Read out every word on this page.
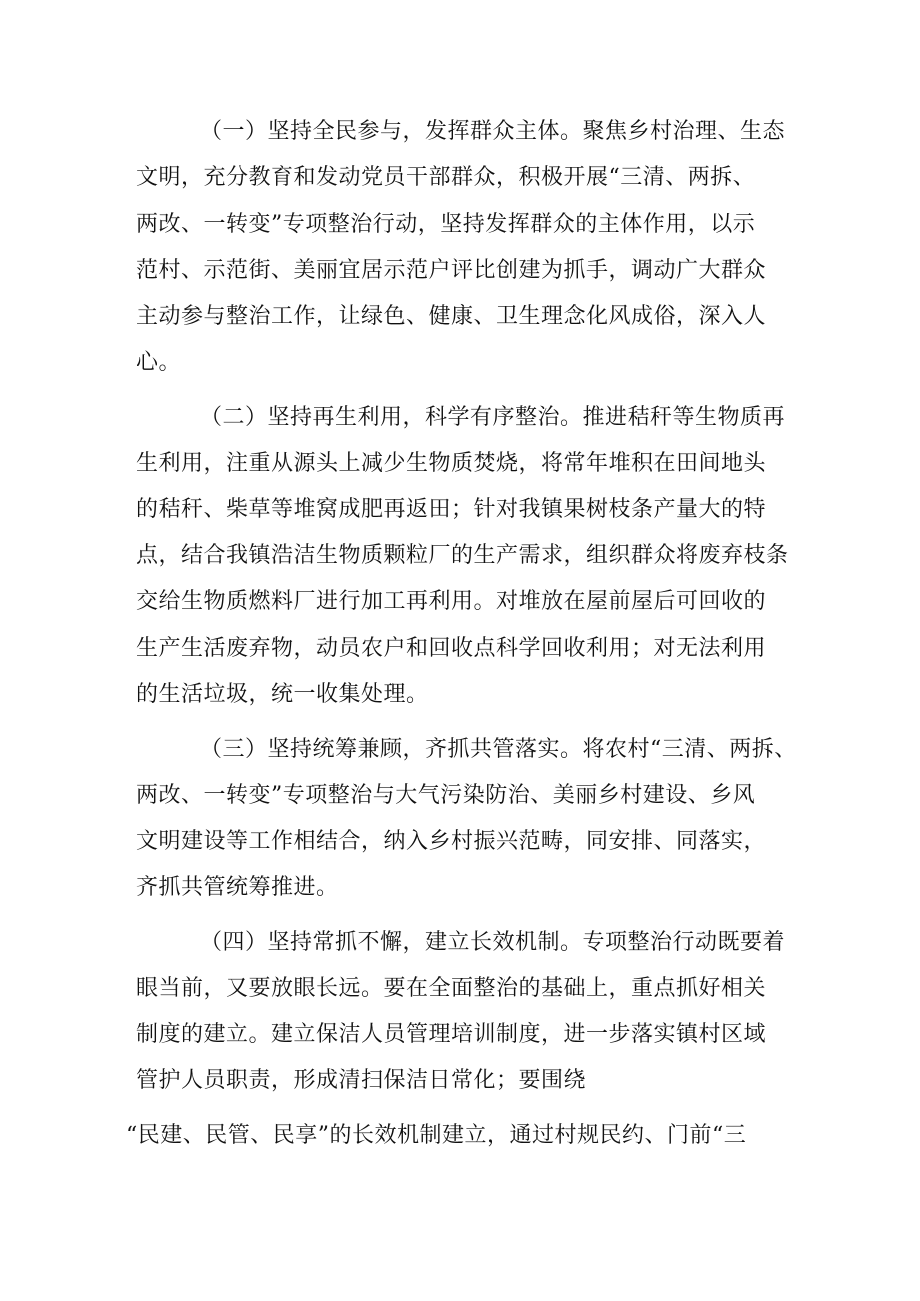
（一）坚持全民参与，发挥群众主体。聚焦乡村治理、生态
文明，充分教育和发动党员干部群众，积极开展“三清、两拆、
两改、一转变”专项整治行动，坚持发挥群众的主体作用，以示
范村、示范街、美丽宜居示范户评比创建为抓手，调动广大群众
主动参与整治工作，让绿色、健康、卫生理念化风成俗，深入人
心。
（二）坚持再生利用，科学有序整治。推进秸秆等生物质再
生利用，注重从源头上减少生物质焚烧，将常年堆积在田间地头
的秸秆、柴草等堆窝成肥再返田；针对我镇果树枝条产量大的特
点，结合我镇浩洁生物质颗粒厂的生产需求，组织群众将废弃枝条
交给生物质燃料厂进行加工再利用。对堆放在屋前屋后可回收的
生产生活废弃物，动员农户和回收点科学回收利用；对无法利用
的生活垃圾，统一收集处理。
（三）坚持统筹兼顾，齐抓共管落实。将农村“三清、两拆、
两改、一转变”专项整治与大气污染防治、美丽乡村建设、乡风
文明建设等工作相结合，纳入乡村振兴范畴，同安排、同落实，
齐抓共管统筹推进。
（四）坚持常抓不懈，建立长效机制。专项整治行动既要着
眼当前，又要放眼长远。要在全面整治的基础上，重点抓好相关
制度的建立。建立保洁人员管理培训制度，进一步落实镇村区域
管护人员职责，形成清扫保洁日常化；要围绕
“民建、民管、民享”的长效机制建立，通过村规民约、门前“三
